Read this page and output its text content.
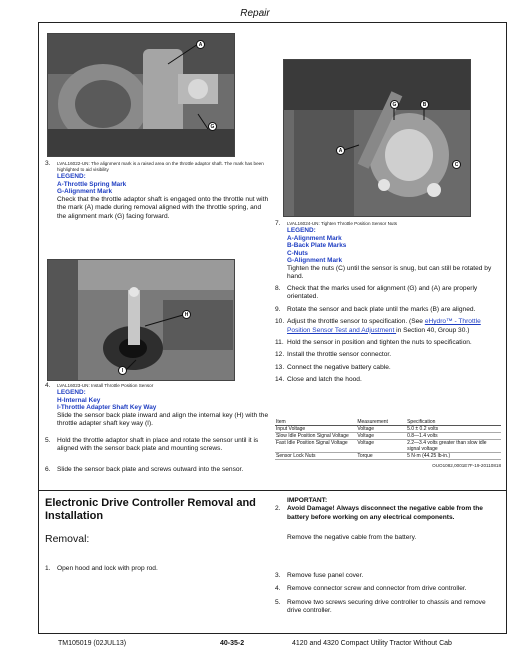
Repair
A
G
3. LVAL16022-UN: The alignment mark is a raised area on the throttle adaptor shaft. The mark has been highlighted to aid visibility
LEGEND:
A-Throttle Spring Mark
G-Alignment Mark
Check that the throttle adaptor shaft is engaged onto the throttle nut with the mark (A) made during removal aligned with the throttle spring, and the alignment mark (G) facing forward.
H
I
4. LVAL16023-UN: Install Throttle Position Sensor
LEGEND:
H-Internal Key
I-Throttle Adapter Shaft Key Way
Slide the sensor back plate inward and align the internal key (H) with the throttle adapter shaft key way (I).
5. Hold the throttle adaptor shaft in place and rotate the sensor until it is aligned with the sensor back plate and mounting screws.
6. Slide the sensor back plate and screws outward into the sensor.
G	B
A
C
7. LVAL16024-UN: Tighten Throttle Position Sensor Nuts
LEGEND:
A-Alignment Mark
B-Back Plate Marks
C-Nuts
G-Alignment Mark
Tighten the nuts (C) until the sensor is snug, but can still be rotated by hand.
8. Check that the marks used for alignment (G) and (A) are properly orientated.
9. Rotate the sensor and back plate until the marks (B) are aligned.
10. Adjust the throttle sensor to specification. (See eHydro™ - Throttle Position Sensor Test and Adjustment in Section 40, Group 30.)
11. Hold the sensor in position and tighten the nuts to specification.
12. Install the throttle sensor connector.
13. Connect the negative battery cable.
14. Close and latch the hood.
Item	Measurement	Specification
Input Voltage	Voltage	5.0 ± 0.2 volts
Slow Idle Position Signal Voltage	Voltage	0.8—1.4 volts
Fast Idle Position Signal Voltage	Voltage	2.2—3.4 volts greater than slow idle signal voltage
Sensor Lock Nuts	Torque	5 N·m (44.25 lb-in.)
OUO1082,0001E7F-19-20110818
Electronic Drive Controller Removal and Installation
Removal:
1. Open hood and lock with prop rod.
IMPORTANT:
2. Avoid Damage! Always disconnect the negative cable from the battery before working on any electrical components.
Remove the negative cable from the battery.
3. Remove fuse panel cover.
4. Remove connector screw and connector from drive controller.
5. Remove two screws securing drive controller to chassis and remove drive controller.
TM105019 (02JUL13)	40-35-2	4120 and 4320 Compact Utility Tractor Without Cab
